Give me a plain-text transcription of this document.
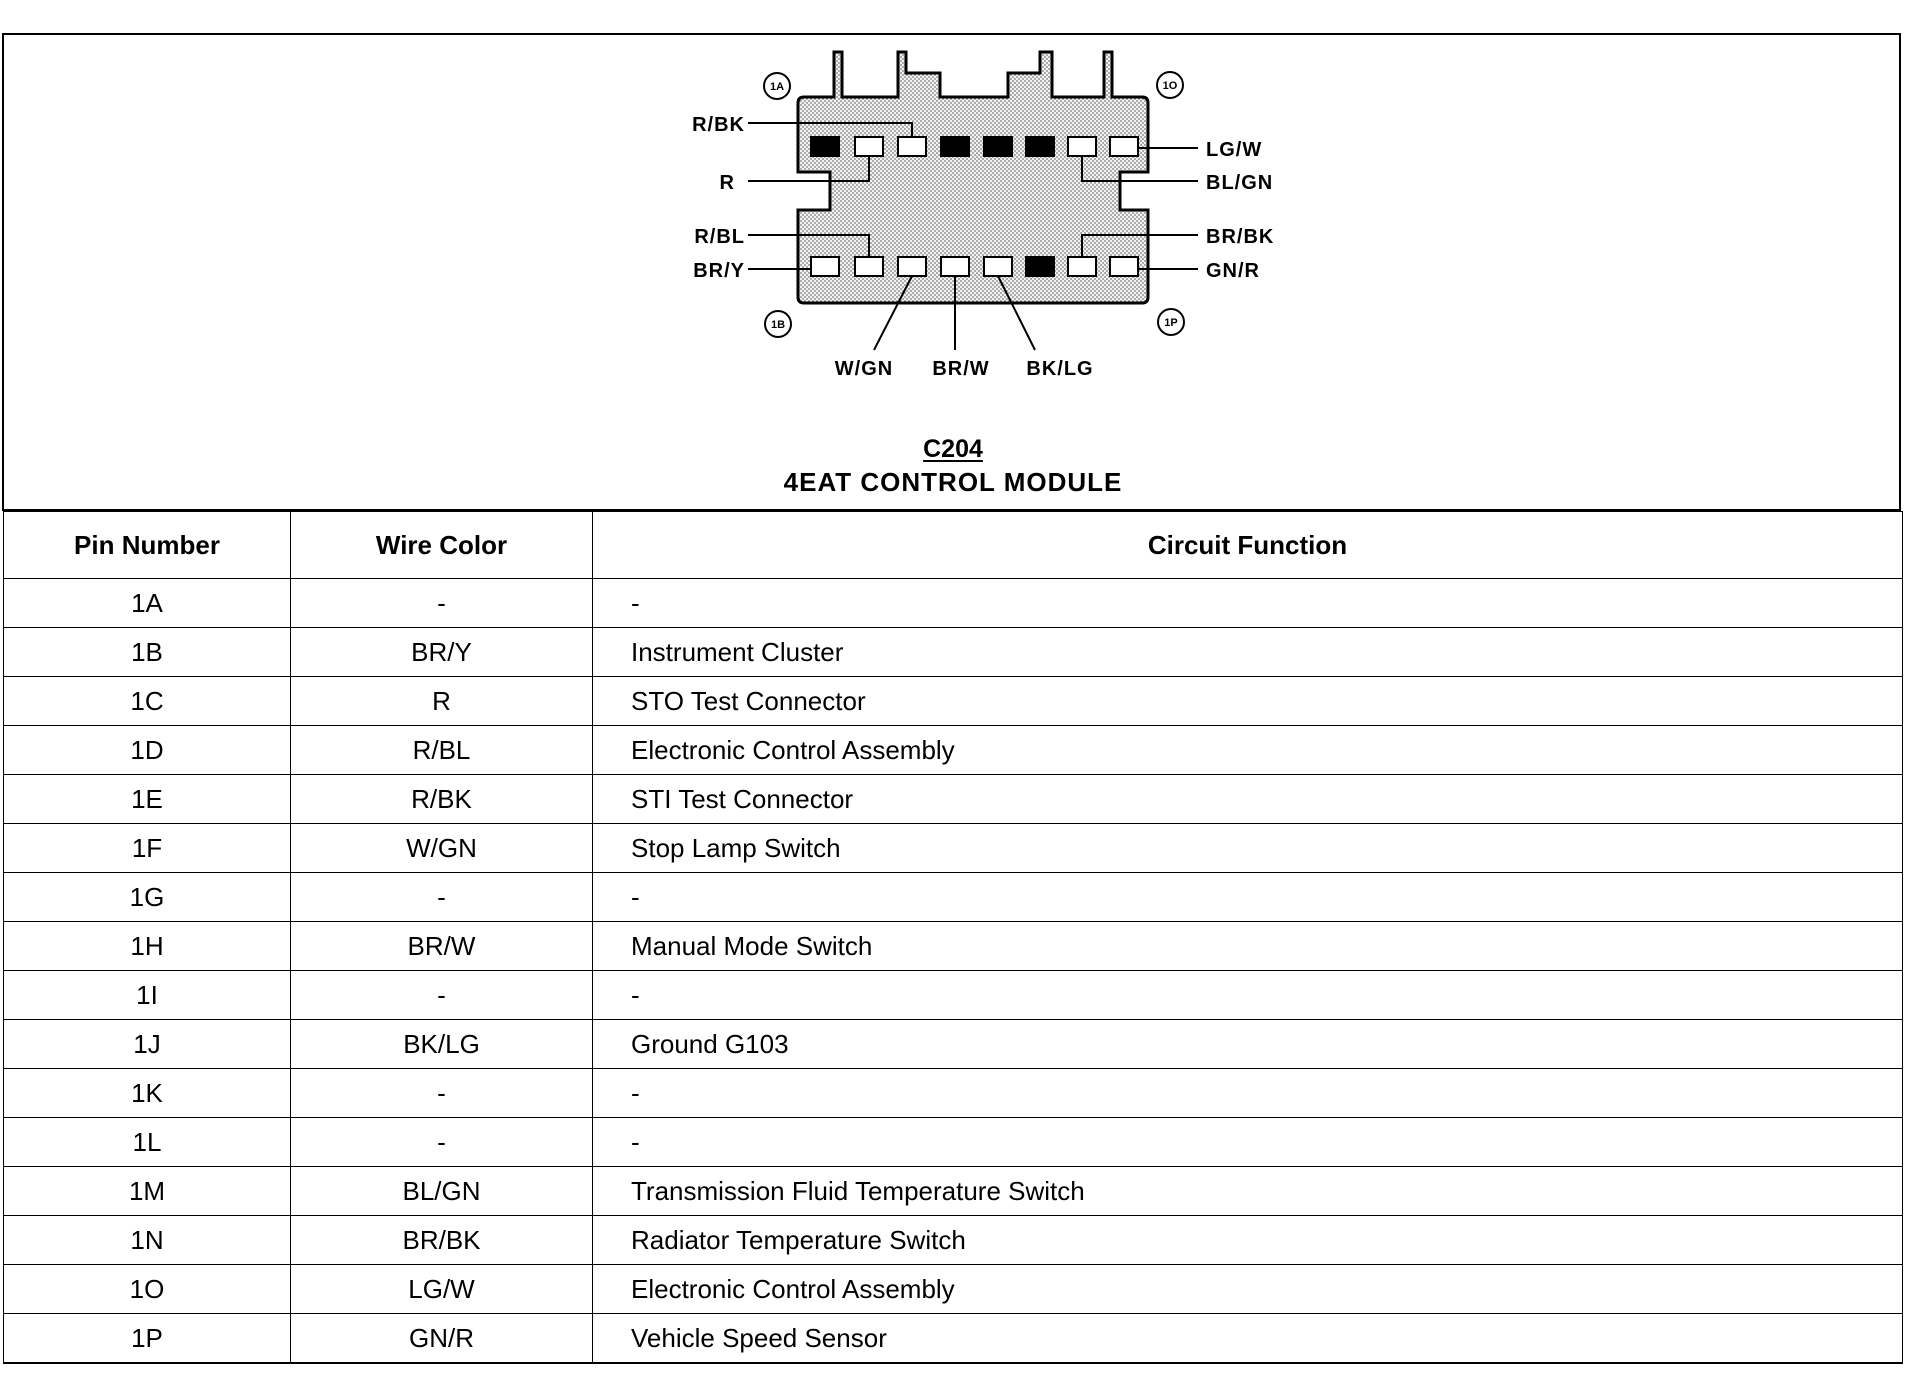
1A	1O
1B	1P
R/BK
R
R/BL
BR/Y
LG/W
BL/GN
BR/BK
GN/R
W/GN BR/W BK/LG
C204
4EAT CONTROL MODULE
Pin Number	Wire Color	Circuit Function
1A	-	-
1B	BR/Y	Instrument Cluster
1C	R	STO Test Connector
1D	R/BL	Electronic Control Assembly
1E	R/BK	STI Test Connector
1F	W/GN	Stop Lamp Switch
1G	-	-
1H	BR/W	Manual Mode Switch
1I	-	-
1J	BK/LG	Ground G103
1K	-	-
1L	-	-
1M	BL/GN	Transmission Fluid Temperature Switch
1N	BR/BK	Radiator Temperature Switch
1O	LG/W	Electronic Control Assembly
1P	GN/R	Vehicle Speed Sensor
